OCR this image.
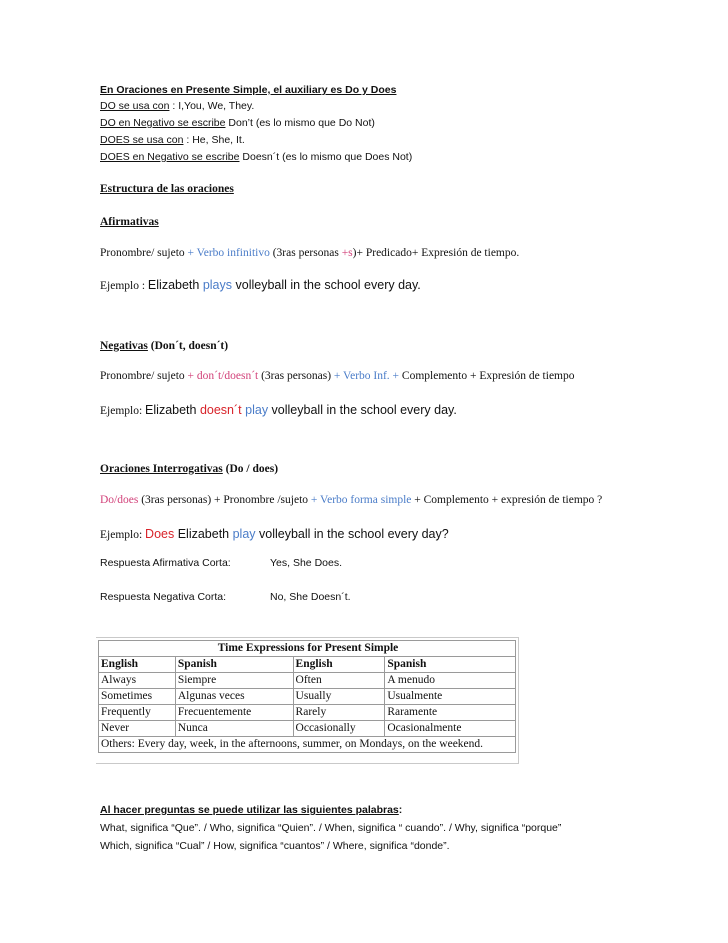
En Oraciones en Presente Simple, el auxiliary es Do y Does
DO se usa con : I,You, We, They.
DO en Negativo se escribe Don’t (es lo mismo que Do Not)
DOES se usa con : He, She, It.
DOES en Negativo se escribe Doesn´t (es lo mismo que Does Not)
Estructura de las oraciones
Afirmativas
Pronombre/ sujeto + Verbo infinitivo (3ras personas +s)+ Predicado+ Expresión de tiempo.
Ejemplo : Elizabeth plays volleyball in the school every day.
Negativas (Don´t, doesn´t)
Pronombre/ sujeto + don´t/doesn´t (3ras personas) + Verbo Inf. + Complemento + Expresión de tiempo
Ejemplo: Elizabeth doesn´t play volleyball in the school every day.
Oraciones Interrogativas (Do / does)
Do/does (3ras personas) + Pronombre /sujeto + Verbo forma simple + Complemento + expresión de tiempo ?
Ejemplo: Does Elizabeth play volleyball in the school every day?
Respuesta Afirmativa Corta:	Yes, She Does.
Respuesta Negativa Corta:	No, She Doesn´t.
Time Expressions for Present Simple			
English	Spanish	English	Spanish
Always	Siempre	Often	A menudo
Sometimes	Algunas veces	Usually	Usualmente
Frequently	Frecuentemente	Rarely	Raramente
Never	Nunca	Occasionally	Ocasionalmente
Others: Every day, week, in the afternoons, summer, on Mondays, on the weekend.			
Al hacer preguntas se puede utilizar las siguientes palabras:
What, significa “Que”. / Who, significa “Quien”. / When, significa “ cuando”. / Why, significa “porque”
Which, significa “Cual” / How, significa “cuantos” / Where, significa “donde”.
